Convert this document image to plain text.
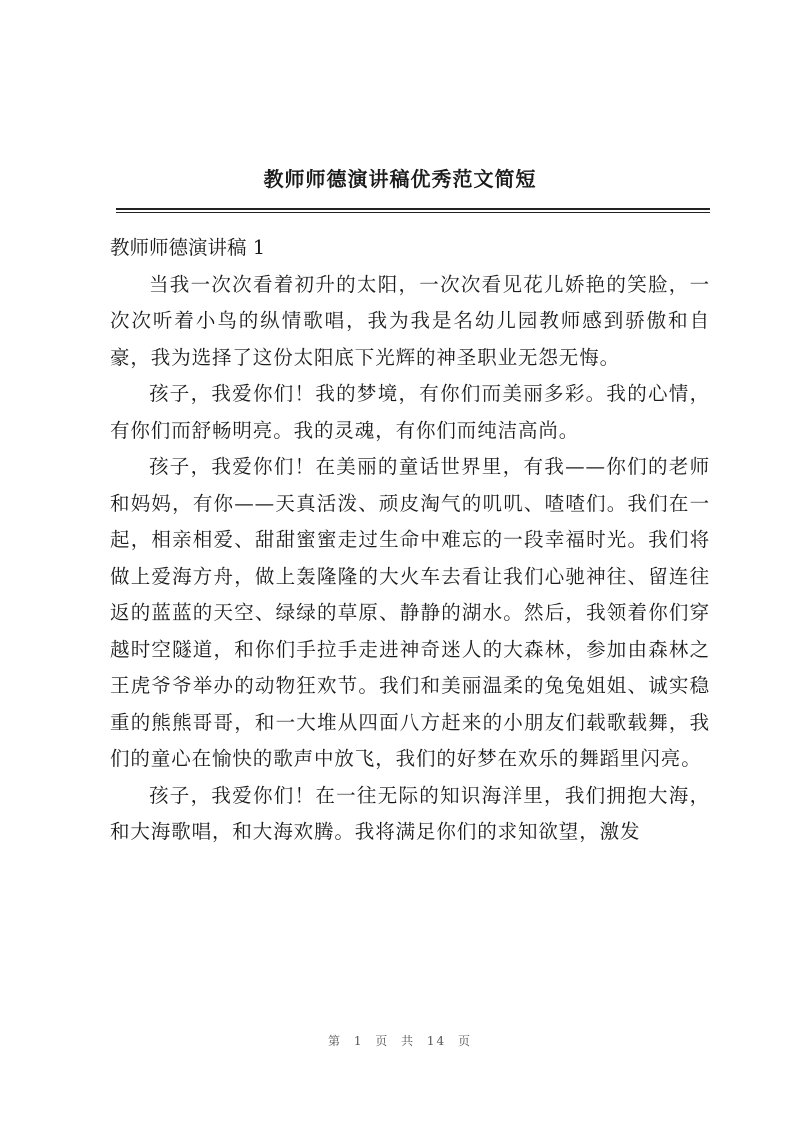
教师师德演讲稿优秀范文简短

教师师德演讲稿 1

当我一次次看着初升的太阳，一次次看见花儿娇艳的笑脸，一次次听着小鸟的纵情歌唱，我为我是名幼儿园教师感到骄傲和自豪，我为选择了这份太阳底下光辉的神圣职业无怨无悔。

孩子，我爱你们！我的梦境，有你们而美丽多彩。我的心情，有你们而舒畅明亮。我的灵魂，有你们而纯洁高尚。

孩子，我爱你们！在美丽的童话世界里，有我——你们的老师和妈妈，有你——天真活泼、顽皮淘气的叽叽、喳喳们。我们在一起，相亲相爱、甜甜蜜蜜走过生命中难忘的一段幸福时光。我们将做上爱海方舟，做上轰隆隆的大火车去看让我们心驰神往、留连往返的蓝蓝的天空、绿绿的草原、静静的湖水。然后，我领着你们穿越时空隧道，和你们手拉手走进神奇迷人的大森林，参加由森林之王虎爷爷举办的动物狂欢节。我们和美丽温柔的兔兔姐姐、诚实稳重的熊熊哥哥，和一大堆从四面八方赶来的小朋友们载歌载舞，我们的童心在愉快的歌声中放飞，我们的好梦在欢乐的舞蹈里闪亮。

孩子，我爱你们！在一往无际的知识海洋里，我们拥抱大海，和大海歌唱，和大海欢腾。我将满足你们的求知欲望，激发

第 1 页 共 14 页
